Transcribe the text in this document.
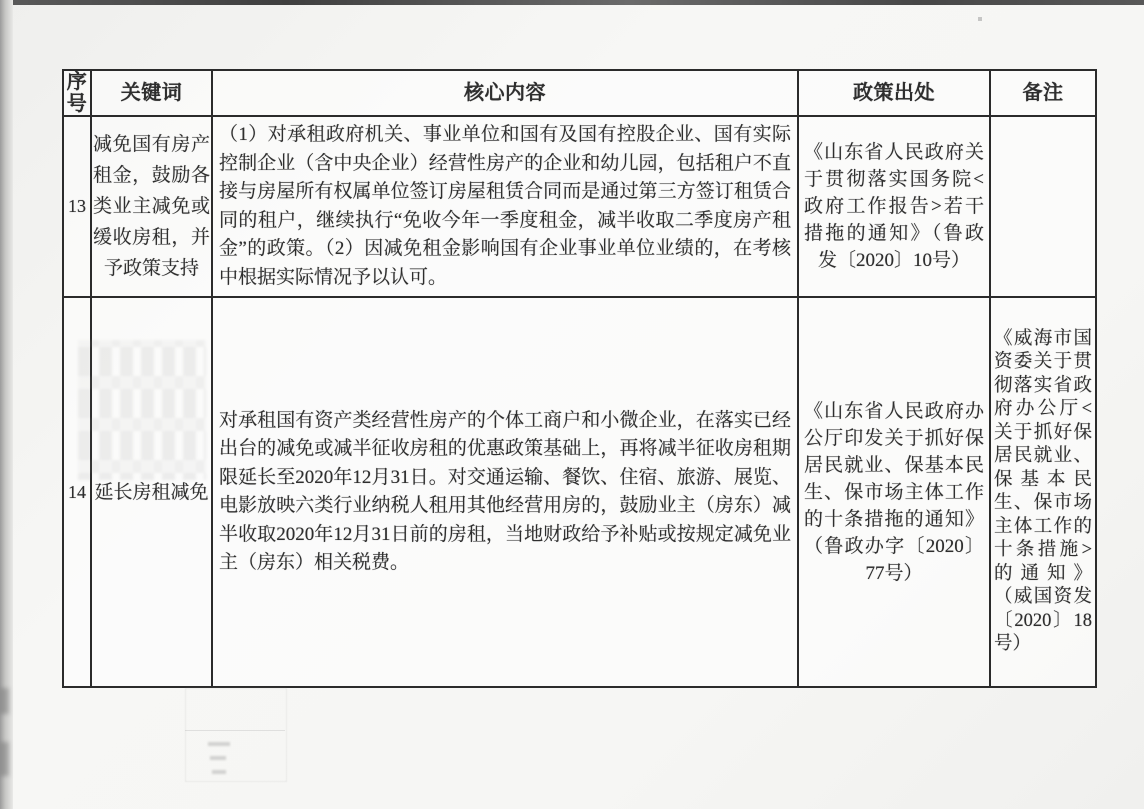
序号	关键词	核心内容	政策出处	备注
13	减免国有房产租金，鼓励各类业主减免或缓收房租，并予政策支持	（1）对承租政府机关、事业单位和国有及国有控股企业、国有实际控制企业（含中央企业）经营性房产的企业和幼儿园，包括租户不直接与房屋所有权属单位签订房屋租赁合同而是通过第三方签订租赁合同的租户，继续执行“免收今年一季度租金，减半收取二季度房产租金”的政策。（2）因减免租金影响国有企业事业单位业绩的，在考核中根据实际情况予以认可。	《山东省人民政府关于贯彻落实国务院<政府工作报告>若干措拖的通知》（鲁政发〔2020〕10号）	
14	延长房租减免	对承租国有资产类经营性房产的个体工商户和小微企业，在落实已经出台的减免或减半征收房租的优惠政策基础上，再将减半征收房租期限延长至2020年12月31日。对交通运输、餐饮、住宿、旅游、展览、电影放映六类行业纳税人租用其他经营用房的，鼓励业主（房东）减半收取2020年12月31日前的房租，当地财政给予补贴或按规定减免业主（房东）相关税费。	《山东省人民政府办公厅印发关于抓好保居民就业、保基本民生、保市场主体工作的十条措拖的通知》（鲁政办字〔2020〕77号）	《威海市国资委关于贯彻落实省政府办公厅<关于抓好保居民就业、保基本民生、保市场主体工作的十条措施>的通知》（威国资发〔2020〕18号）
